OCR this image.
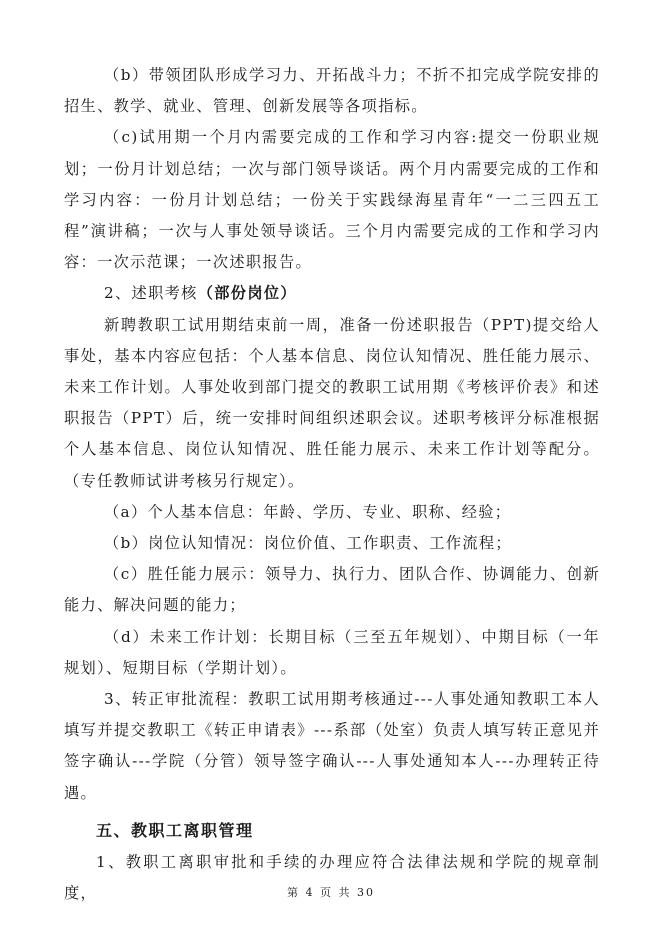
（b）带领团队形成学习力、开拓战斗力；不折不扣完成学院安排的招生、教学、就业、管理、创新发展等各项指标。

（c)试用期一个月内需要完成的工作和学习内容:提交一份职业规划；一份月计划总结；一次与部门领导谈话。两个月内需要完成的工作和学习内容：一份月计划总结；一份关于实践绿海星青年“一二三四五工程”演讲稿；一次与人事处领导谈话。三个月内需要完成的工作和学习内容：一次示范课；一次述职报告。

2、述职考核（部份岗位）

新聘教职工试用期结束前一周，准备一份述职报告（PPT)提交给人事处，基本内容应包括：个人基本信息、岗位认知情况、胜任能力展示、未来工作计划。人事处收到部门提交的教职工试用期《考核评价表》和述职报告（PPT）后，统一安排时间组织述职会议。述职考核评分标准根据个人基本信息、岗位认知情况、胜任能力展示、未来工作计划等配分。（专任教师试讲考核另行规定）。

（a）个人基本信息：年龄、学历、专业、职称、经验；

（b）岗位认知情况：岗位价值、工作职责、工作流程；

（c）胜任能力展示：领导力、执行力、团队合作、协调能力、创新能力、解决问题的能力；

（d）未来工作计划：长期目标（三至五年规划）、中期目标（一年规划）、短期目标（学期计划）。

3、转正审批流程：教职工试用期考核通过---人事处通知教职工本人填写并提交教职工《转正申请表》---系部（处室）负责人填写转正意见并签字确认---学院（分管）领导签字确认---人事处通知本人---办理转正待遇。

五、教职工离职管理

1、教职工离职审批和手续的办理应符合法律法规和学院的规章制度，	第 4 页 共 30
